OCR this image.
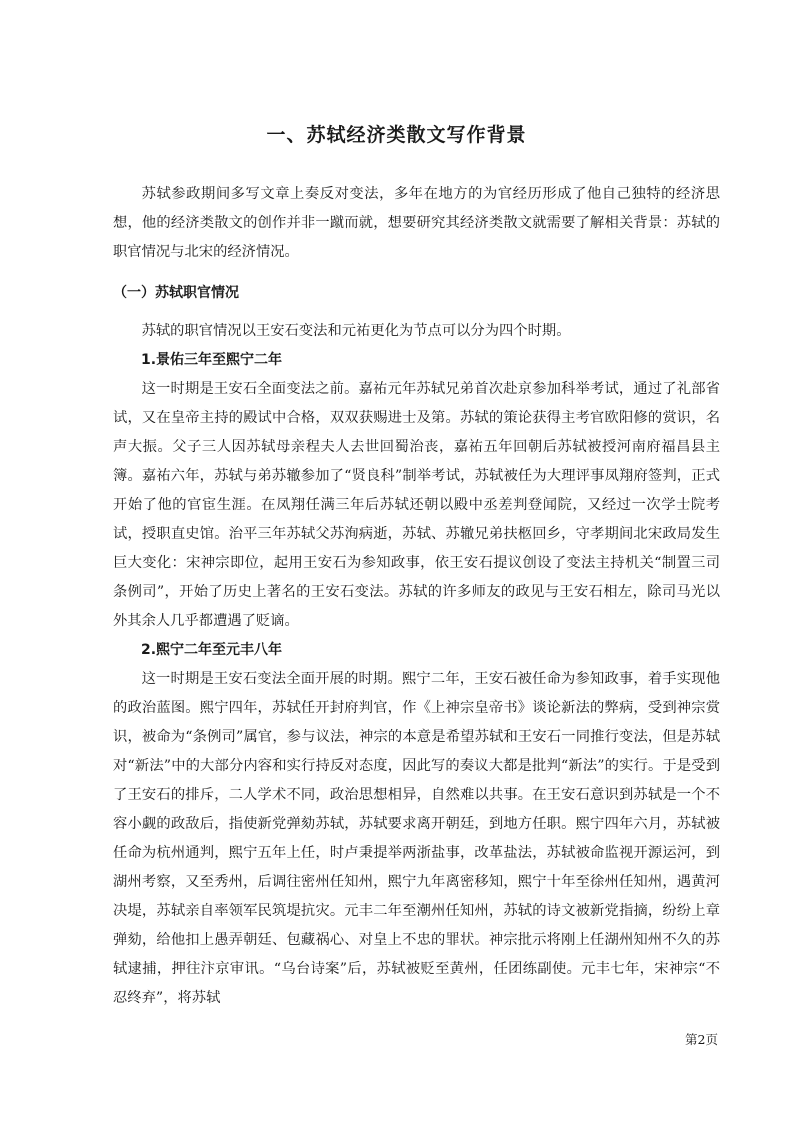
一、苏轼经济类散文写作背景

苏轼参政期间多写文章上奏反对变法，多年在地方的为官经历形成了他自己独特的经济思想，他的经济类散文的创作并非一蹴而就，想要研究其经济类散文就需要了解相关背景：苏轼的职官情况与北宋的经济情况。

（一）苏轼职官情况

苏轼的职官情况以王安石变法和元祐更化为节点可以分为四个时期。

1.景佑三年至熙宁二年

这一时期是王安石全面变法之前。嘉祐元年苏轼兄弟首次赴京参加科举考试，通过了礼部省试，又在皇帝主持的殿试中合格，双双获赐进士及第。苏轼的策论获得主考官欧阳修的赏识，名声大振。父子三人因苏轼母亲程夫人去世回蜀治丧，嘉祐五年回朝后苏轼被授河南府福昌县主簿。嘉祐六年，苏轼与弟苏辙参加了“贤良科”制举考试，苏轼被任为大理评事凤翔府签判，正式开始了他的官宦生涯。在凤翔任满三年后苏轼还朝以殿中丞差判登闻院，又经过一次学士院考试，授职直史馆。治平三年苏轼父苏洵病逝，苏轼、苏辙兄弟扶柩回乡，守孝期间北宋政局发生巨大变化：宋神宗即位，起用王安石为参知政事，依王安石提议创设了变法主持机关“制置三司条例司”，开始了历史上著名的王安石变法。苏轼的许多师友的政见与王安石相左，除司马光以外其余人几乎都遭遇了贬谪。

2.熙宁二年至元丰八年

这一时期是王安石变法全面开展的时期。熙宁二年，王安石被任命为参知政事，着手实现他的政治蓝图。熙宁四年，苏轼任开封府判官，作《上神宗皇帝书》谈论新法的弊病，受到神宗赏识，被命为“条例司”属官，参与议法，神宗的本意是希望苏轼和王安石一同推行变法，但是苏轼对“新法”中的大部分内容和实行持反对态度，因此写的奏议大都是批判“新法”的实行。于是受到了王安石的排斥，二人学术不同，政治思想相异，自然难以共事。在王安石意识到苏轼是一个不容小觑的政敌后，指使新党弹劾苏轼，苏轼要求离开朝廷，到地方任职。熙宁四年六月，苏轼被任命为杭州通判，熙宁五年上任，时卢秉提举两浙盐事，改革盐法，苏轼被命监视开源运河，到湖州考察，又至秀州，后调往密州任知州，熙宁九年离密移知，熙宁十年至徐州任知州，遇黄河决堤，苏轼亲自率领军民筑堤抗灾。元丰二年至潮州任知州，苏轼的诗文被新党指摘，纷纷上章弹劾，给他扣上愚弄朝廷、包藏祸心、对皇上不忠的罪状。神宗批示将刚上任湖州知州不久的苏轼逮捕，押往汴京审讯。“乌台诗案”后，苏轼被贬至黄州，任团练副使。元丰七年，宋神宗“不忍终弃”，将苏轼

第2页
